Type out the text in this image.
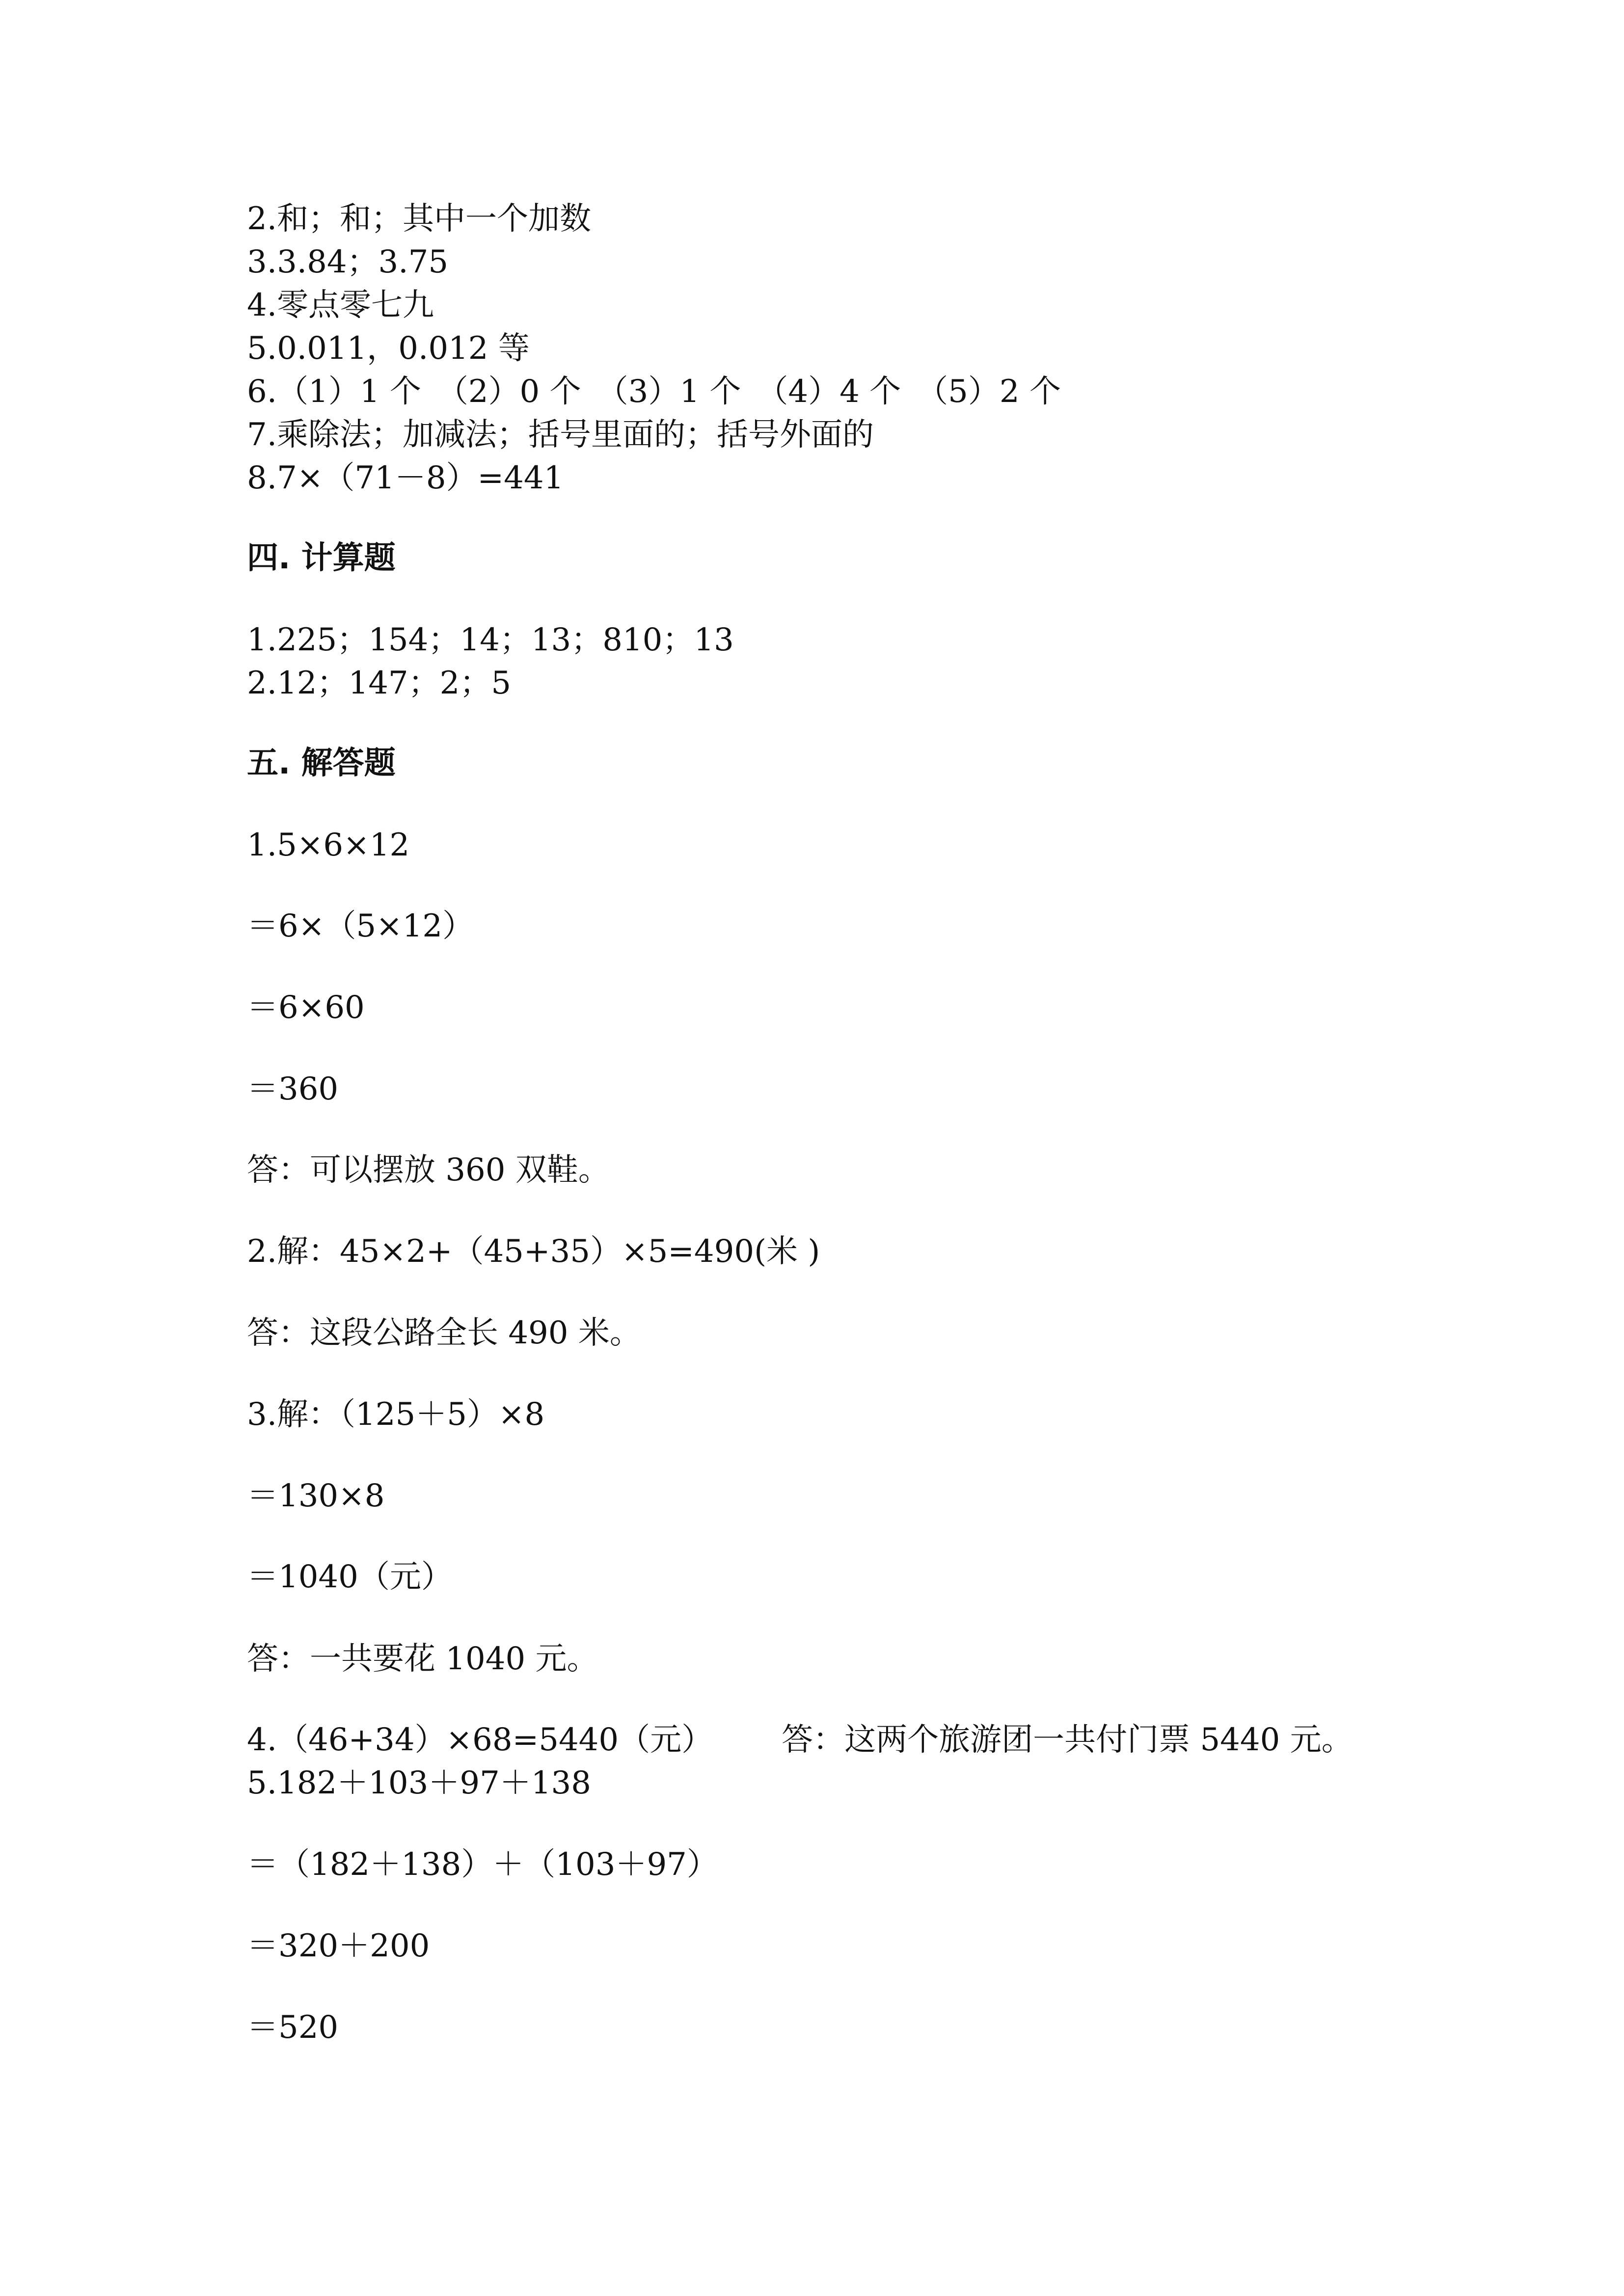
2.和；和；其中一个加数
3.3.84；3.75
4.零点零七九
5.0.011，0.012 等
6.（1）1 个　（2）0 个　（3）1 个　（4）4 个　（5）2 个
7.乘除法；加减法；括号里面的；括号外面的
8.7×（71－8）=441
四. 计算题
1.225；154；14；13；810；13
2.12；147；2；5
五. 解答题
1.5×6×12
＝6×（5×12）
＝6×60
＝360
答：可以摆放 360 双鞋。
2.解：45×2+（45+35）×5=490(米 )
答：这段公路全长 490 米。
3.解：（125＋5）×8
＝130×8
＝1040（元）
答：一共要花 1040 元。
4.（46+34）×68=5440（元） 答：这两个旅游团一共付门票 5440 元。
5.182＋103＋97＋138
＝（182＋138）＋（103＋97）
＝320＋200
＝520
